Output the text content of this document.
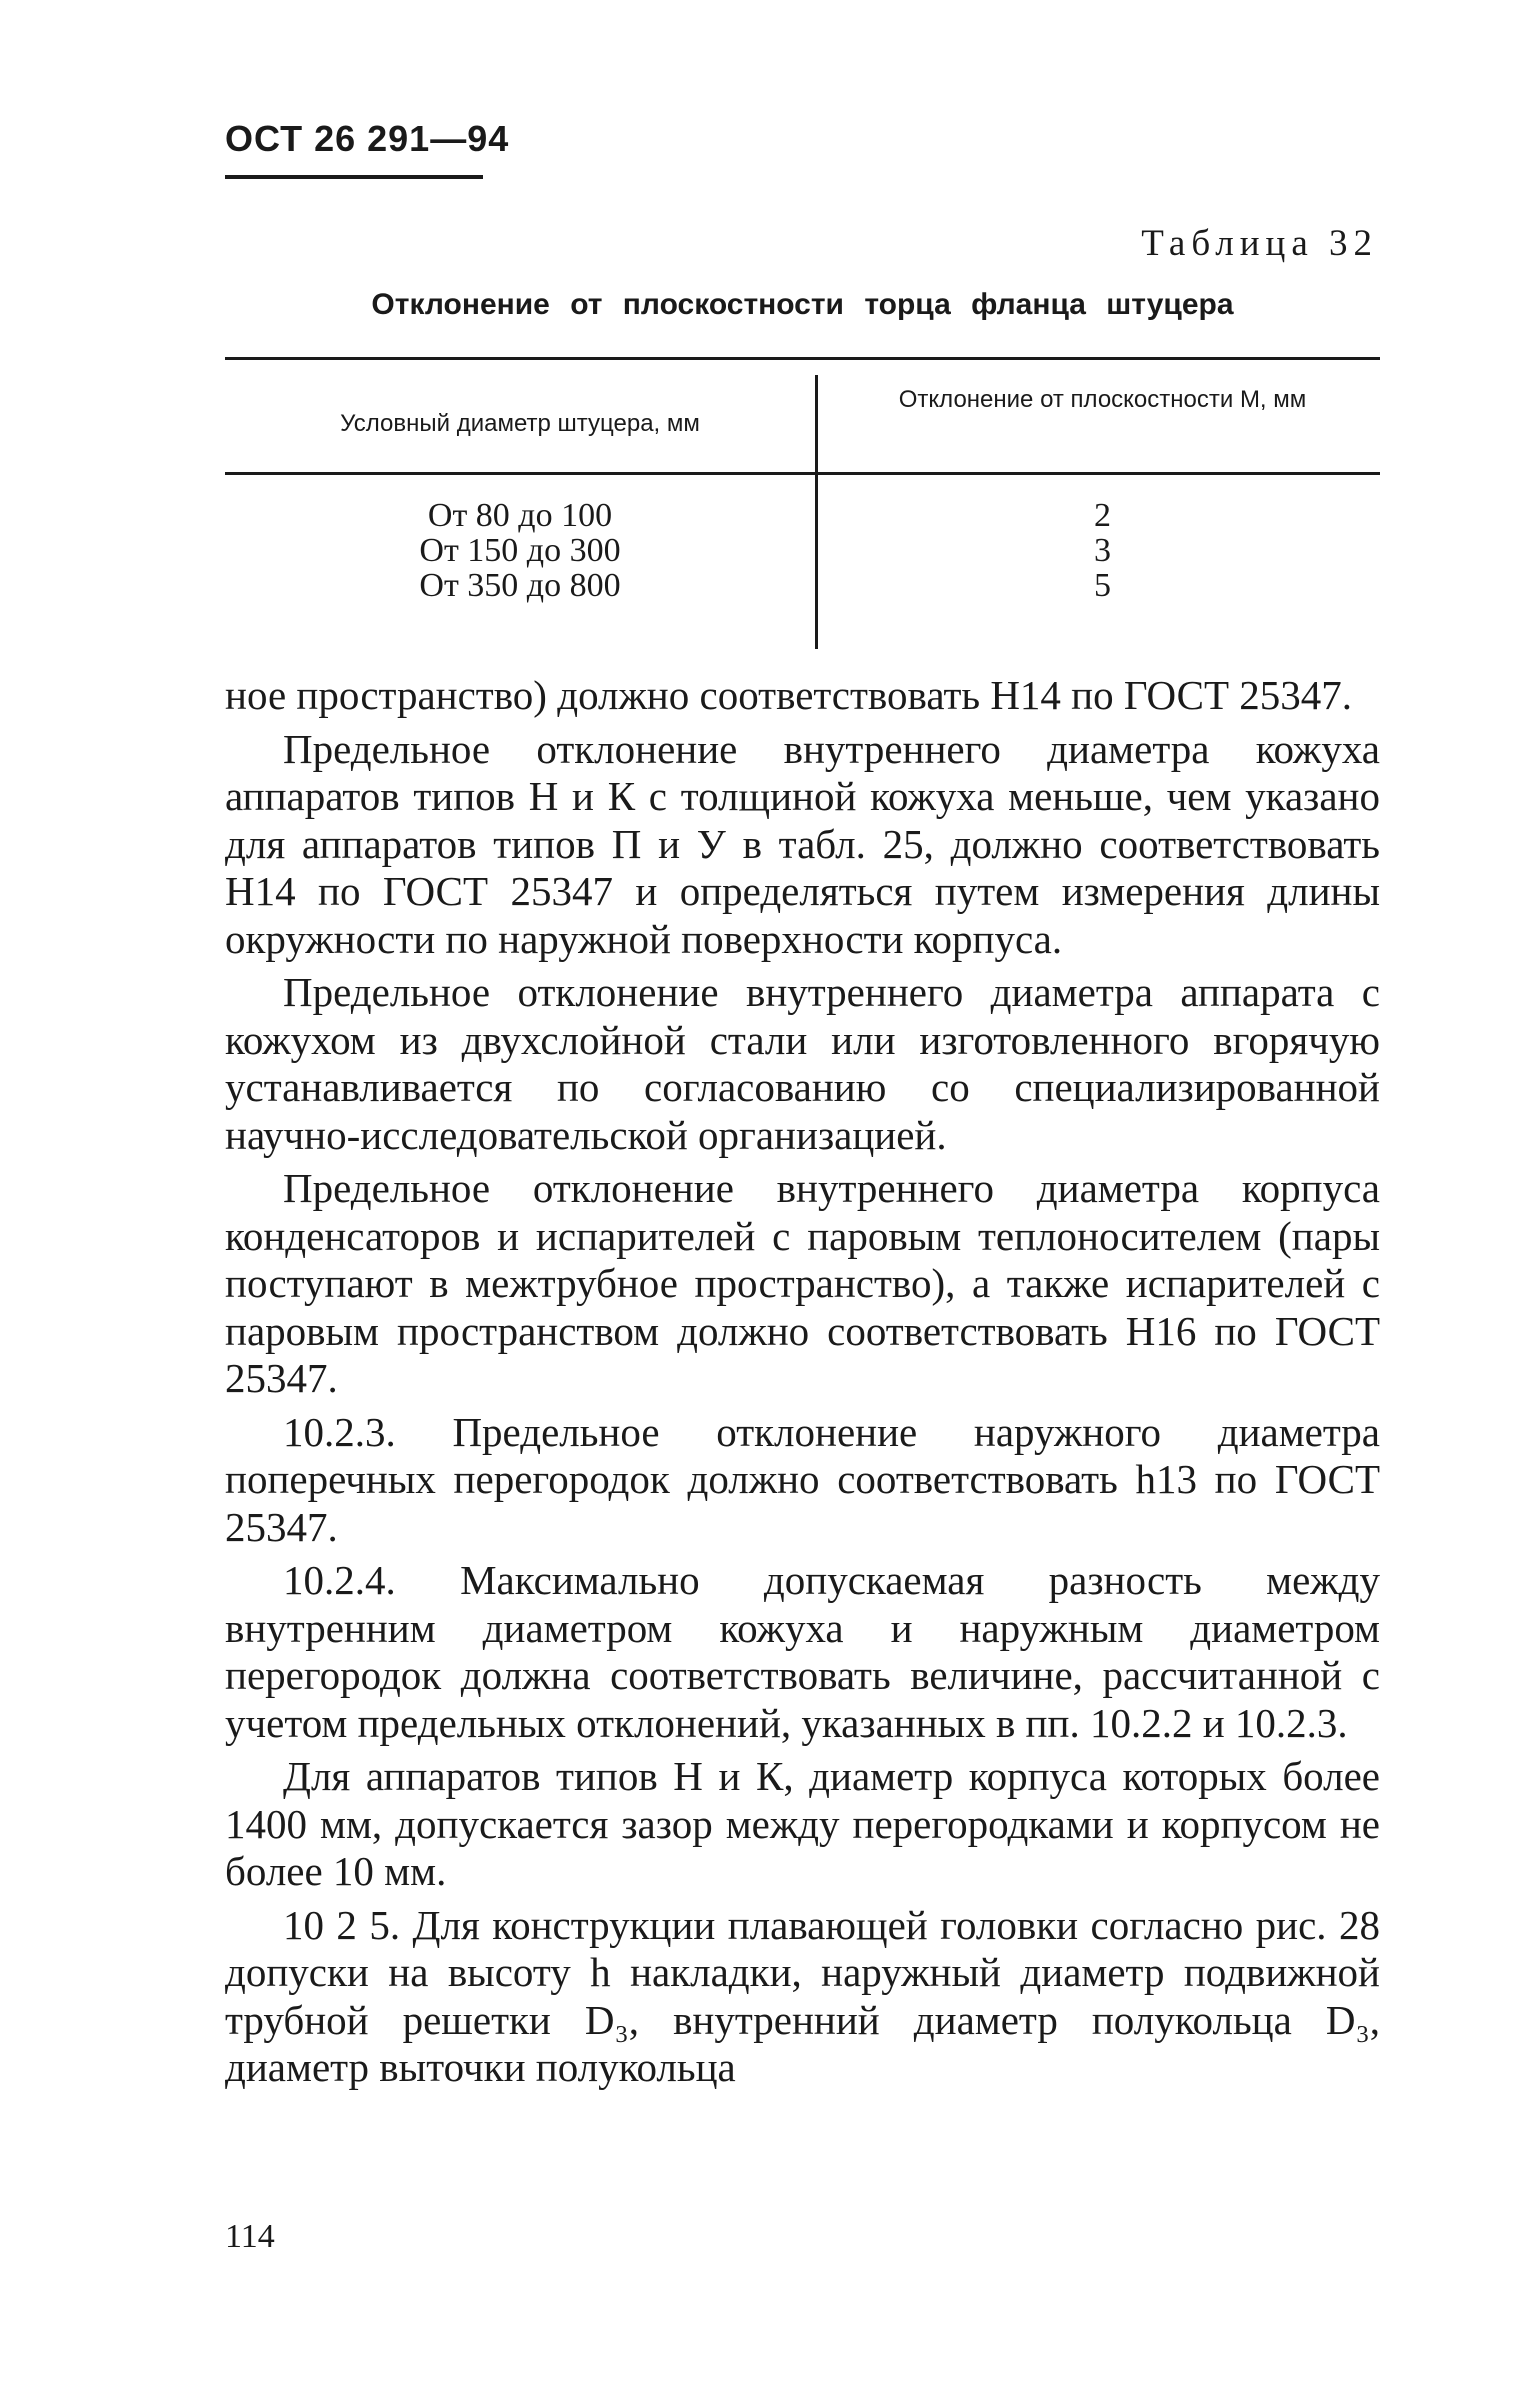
ОСТ 26 291—94
Таблица 32
Отклонение от плоскостности торца фланца штуцера
Условный диаметр штуцера, мм
Отклонение от плоскостности М, мм
От 80 до 100
От 150 до 300
От 350 до 800
2
3
5

ное пространство) должно соответствовать Н14 по ГОСТ 25347.

Предельное отклонение внутреннего диаметра кожуха аппаратов типов Н и К с толщиной кожуха меньше, чем указано для аппаратов типов П и У в табл. 25, должно соответствовать Н14 по ГОСТ 25347 и определяться путем измерения длины окружности по наружной поверхности корпуса.

Предельное отклонение внутреннего диаметра аппарата с кожухом из двухслойной стали или изготовленного вгорячую устанавливается по согласованию со специализированной научно-исследовательской организацией.

Предельное отклонение внутреннего диаметра корпуса конденсаторов и испарителей с паровым теплоносителем (пары поступают в межтрубное пространство), а также испарителей с паровым пространством должно соответствовать Н16 по ГОСТ 25347.

10.2.3. Предельное отклонение наружного диаметра поперечных перегородок должно соответствовать h13 по ГОСТ 25347.

10.2.4. Максимально допускаемая разность между внутренним диаметром кожуха и наружным диаметром перегородок должна соответствовать величине, рассчитанной с учетом предельных отклонений, указанных в пп. 10.2.2 и 10.2.3.

Для аппаратов типов Н и К, диаметр корпуса которых более 1400 мм, допускается зазор между перегородками и корпусом не более 10 мм.

10 2 5. Для конструкции плавающей головки согласно рис. 28 допуски на высоту h накладки, наружный диаметр подвижной трубной решетки D₃, внутренний диаметр полукольца D₃, диаметр выточки полукольца

114
